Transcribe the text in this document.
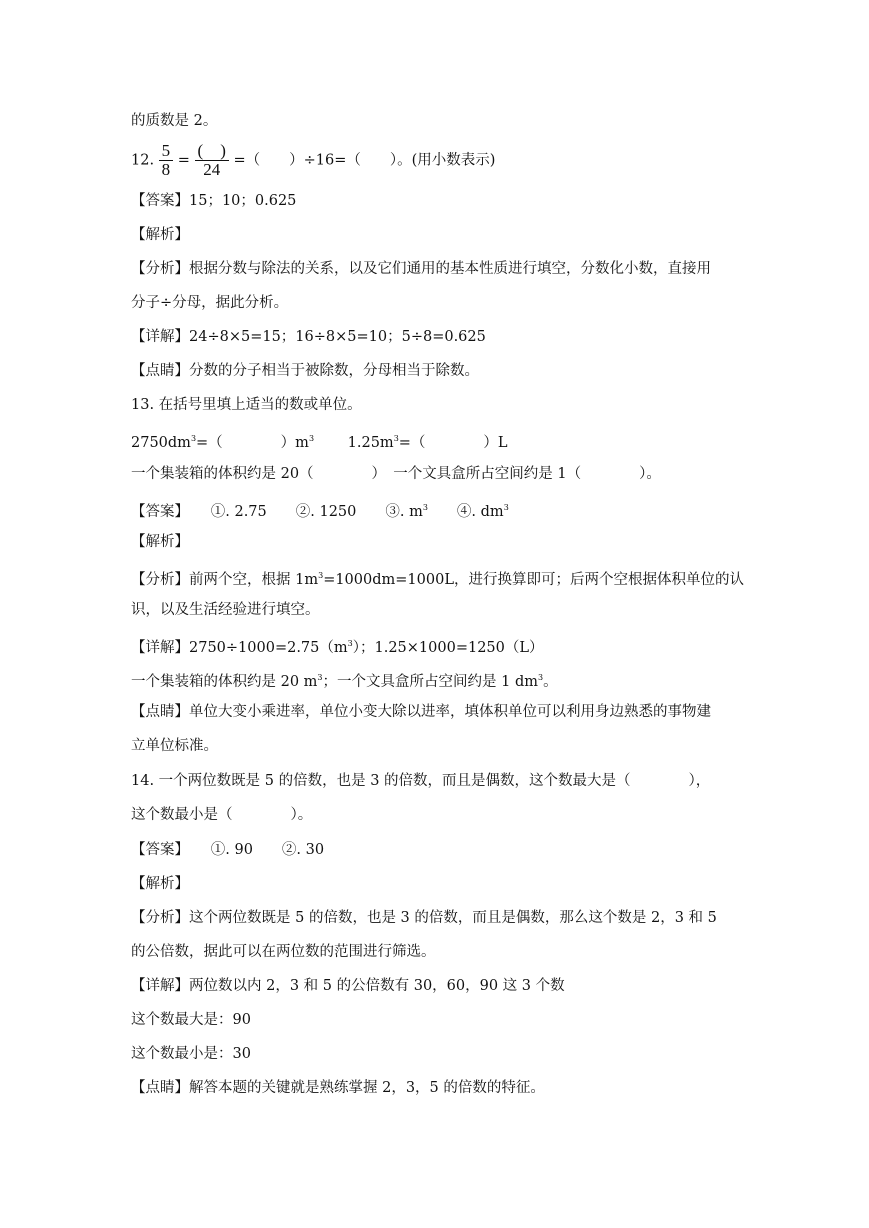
的质数是 2。
12. $\frac{5}{8} = \frac{( )}{24}$ =（　　）÷16=（　　）。(用小数表示)
【答案】15；10；0.625
【解析】
【分析】根据分数与除法的关系，以及它们通用的基本性质进行填空，分数化小数，直接用
分子÷分母，据此分析。
【详解】24÷8×5=15；16÷8×5=10；5÷8=0.625
【点睛】分数的分子相当于被除数，分母相当于除数。
13. 在括号里填上适当的数或单位。
$2750dm^3=$（　　　　）$m^3$　　 $1.25m^3=$（　　　　）L
一个集装箱的体积约是 20（　　　　）　一个文具盒所占空间约是 1（　　　　）。
【答案】　　①. 2.75　　②. 1250　　③. $m^3$　　④. $dm^3$
【解析】
【分析】前两个空，根据 $1m^3=1000dm=1000L$，进行换算即可；后两个空根据体积单位的认
识，以及生活经验进行填空。
【详解】$2750\div 1000=2.75(m^3)$；1.25×1000=1250（L）
一个集装箱的体积约是 20 $m^3$；一个文具盒所占空间约是 1 $dm^3$。
【点睛】单位大变小乘进率，单位小变大除以进率，填体积单位可以利用身边熟悉的事物建
立单位标准。
14. 一个两位数既是 5 的倍数，也是 3 的倍数，而且是偶数，这个数最大是（　　　　），
这个数最小是（　　　　）。
【答案】　　①. 90　　②. 30
【解析】
【分析】这个两位数既是 5 的倍数，也是 3 的倍数，而且是偶数，那么这个数是 2，3 和 5
的公倍数，据此可以在两位数的范围进行筛选。
【详解】两位数以内 2，3 和 5 的公倍数有 30，60，90 这 3 个数
这个数最大是：90
这个数最小是：30
【点睛】解答本题的关键就是熟练掌握 2，3，5 的倍数的特征。
